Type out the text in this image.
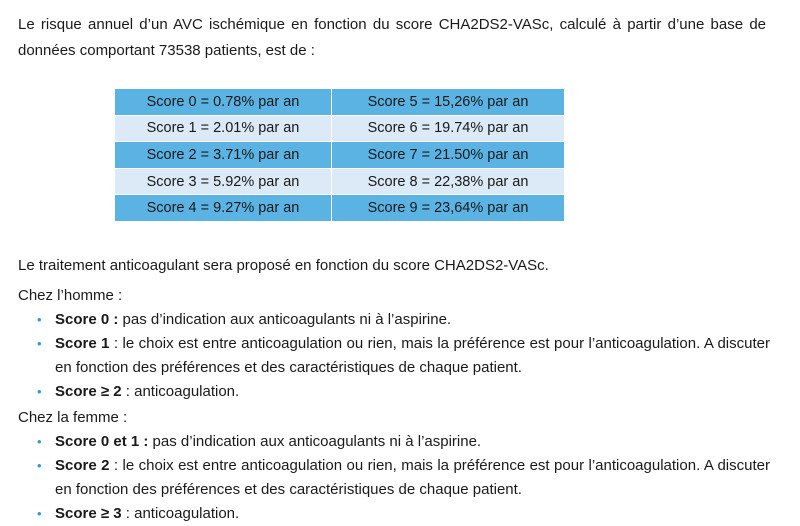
Le risque annuel d’un AVC ischémique en fonction du score CHA2DS2-VASc, calculé à partir d’une base de données comportant 73538 patients, est de :
Score 0 = 0.78% par an	Score 5 = 15,26% par an
Score 1 = 2.01% par an	Score 6 = 19.74% par an
Score 2 = 3.71% par an	Score 7 = 21.50% par an
Score 3 = 5.92% par an	Score 8 = 22,38% par an
Score 4 = 9.27% par an	Score 9 = 23,64% par an

Le traitement anticoagulant sera proposé en fonction du score CHA2DS2-VASc.

Chez l’homme :

• Score 0 : pas d’indication aux anticoagulants ni à l’aspirine.
• Score 1 : le choix est entre anticoagulation ou rien, mais la préférence est pour l’anticoagulation. A discuter en fonction des préférences et des caractéristiques de chaque patient.
• Score ≥ 2 : anticoagulation.

Chez la femme :

• Score 0 et 1 : pas d’indication aux anticoagulants ni à l’aspirine.
• Score 2 : le choix est entre anticoagulation ou rien, mais la préférence est pour l’anticoagulation. A discuter en fonction des préférences et des caractéristiques de chaque patient.
• Score ≥ 3 : anticoagulation.
